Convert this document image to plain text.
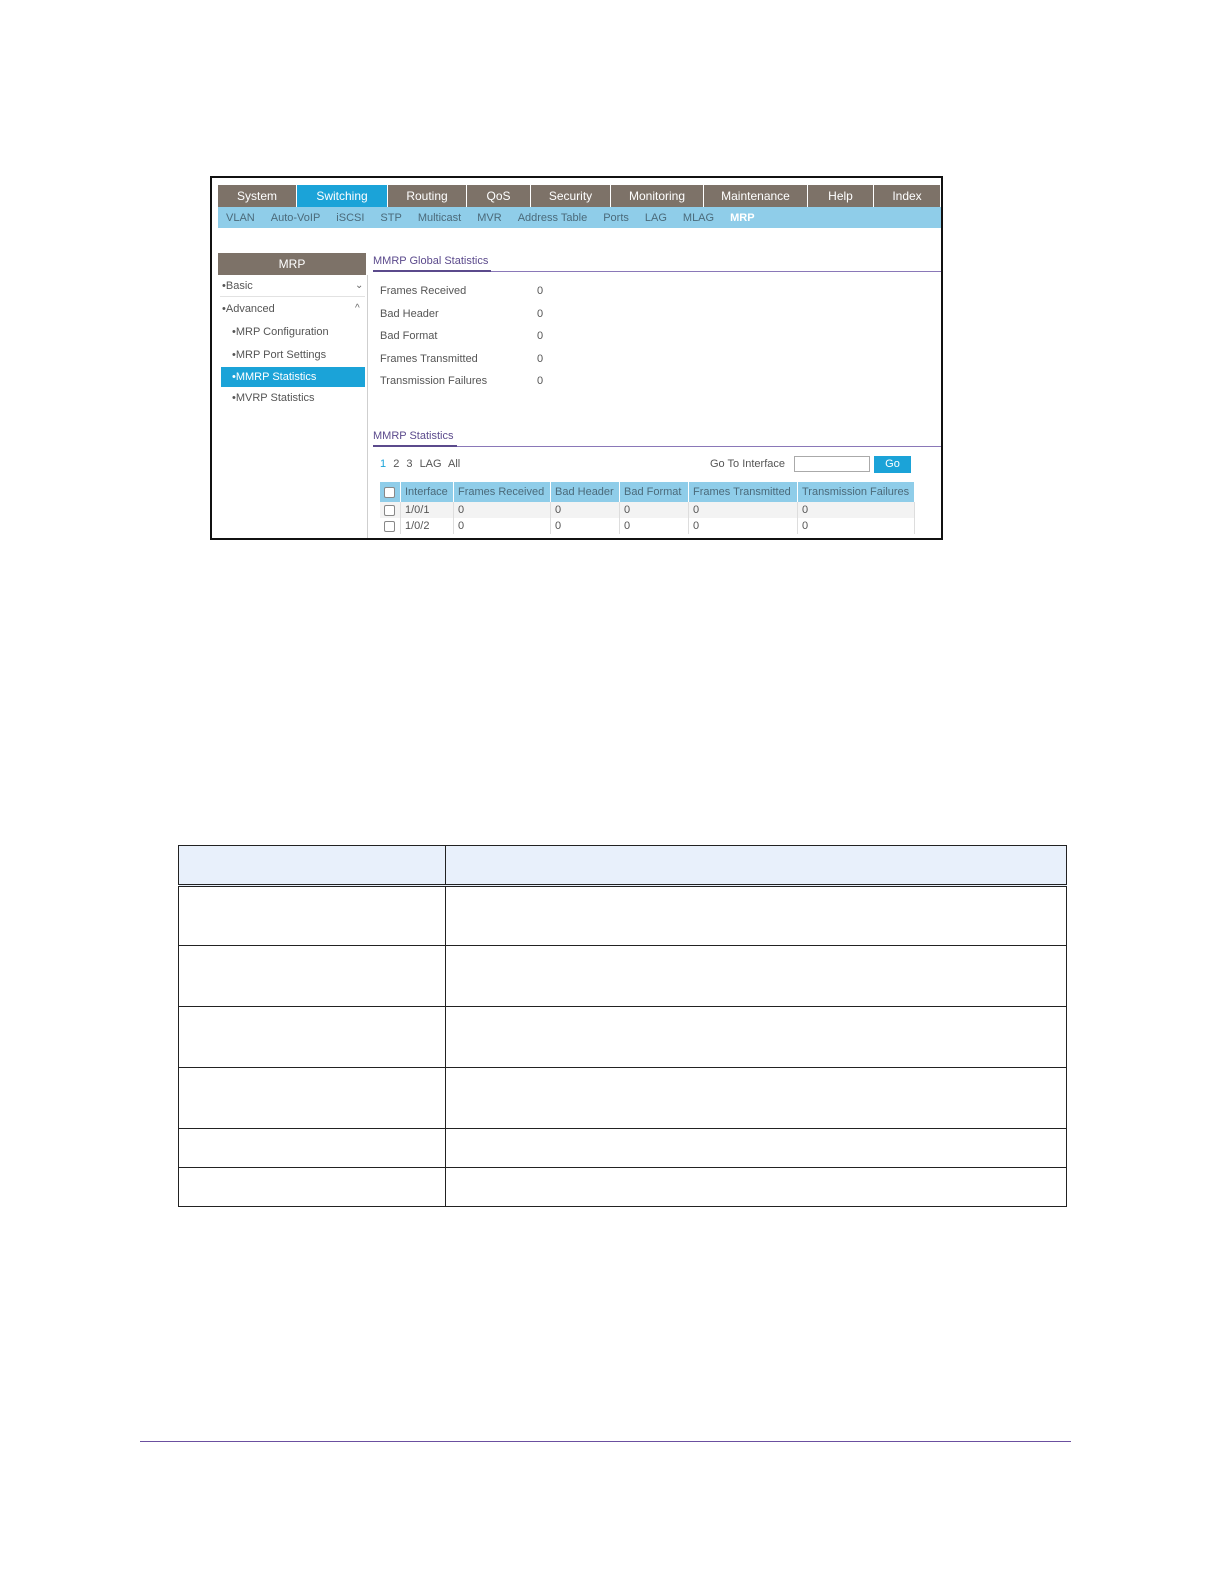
System	Switching	Routing	QoS	Security	Monitoring	Maintenance	Help	Index
VLAN Auto-VoIP iSCSI STP Multicast MVR Address Table Ports LAG MLAG MRP
MRP
•Basic	⌄
•Advanced	^
•MRP Configuration
•MRP Port Settings
•MMRP Statistics
•MVRP Statistics
MMRP Global Statistics
Frames Received	0
Bad Header	0
Bad Format	0
Frames Transmitted	0
Transmission Failures	0
MMRP Statistics
1 2 3 LAG All	Go To Interface	Go
	Interface	Frames Received	Bad Header	Bad Format	Frames Transmitted	Transmission Failures
	1/0/1	0	0	0	0	0
	1/0/2	0	0	0	0	0
